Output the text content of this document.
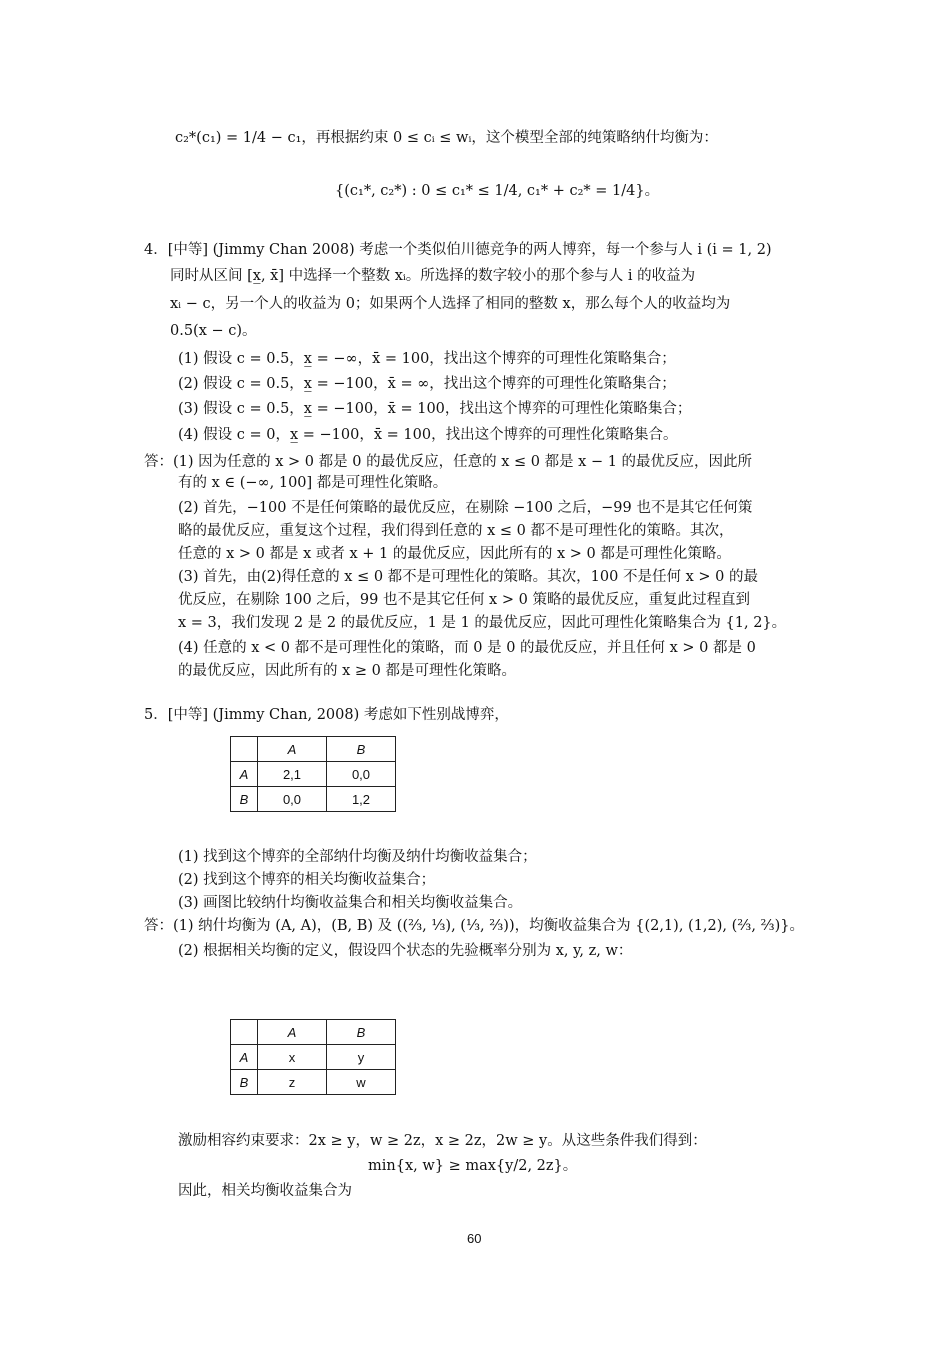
c₂*(c₁) = 1/4 − c₁，再根据约束 0 ≤ cᵢ ≤ wᵢ，这个模型全部的纯策略纳什均衡为：
{(c₁*, c₂*) : 0 ≤ c₁* ≤ 1/4, c₁* + c₂* = 1/4}。
4．[中等] (Jimmy Chan 2008) 考虑一个类似伯川德竞争的两人博弈，每一个参与人 i (i = 1, 2)
同时从区间 [x̲, x̄] 中选择一个整数 xᵢ。所选择的数字较小的那个参与人 i 的收益为
xᵢ − c，另一个人的收益为 0；如果两个人选择了相同的整数 x，那么每个人的收益均为
0.5(x − c)。
(1) 假设 c = 0.5，x̲ = −∞，x̄ = 100，找出这个博弈的可理性化策略集合；
(2) 假设 c = 0.5，x̲ = −100，x̄ = ∞，找出这个博弈的可理性化策略集合；
(3) 假设 c = 0.5，x̲ = −100，x̄ = 100，找出这个博弈的可理性化策略集合；
(4) 假设 c = 0，x̲ = −100，x̄ = 100，找出这个博弈的可理性化策略集合。
答：(1) 因为任意的 x > 0 都是 0 的最优反应，任意的 x ≤ 0 都是 x − 1 的最优反应，因此所
有的 x ∈ (−∞, 100] 都是可理性化策略。
(2) 首先，−100 不是任何策略的最优反应，在剔除 −100 之后，−99 也不是其它任何策
略的最优反应，重复这个过程，我们得到任意的 x ≤ 0 都不是可理性化的策略。其次，
任意的 x > 0 都是 x 或者 x + 1 的最优反应，因此所有的 x > 0 都是可理性化策略。
(3) 首先，由(2)得任意的 x ≤ 0 都不是可理性化的策略。其次，100 不是任何 x > 0 的最
优反应，在剔除 100 之后，99 也不是其它任何 x > 0 策略的最优反应，重复此过程直到
x = 3，我们发现 2 是 2 的最优反应，1 是 1 的最优反应，因此可理性化策略集合为 {1, 2}。
(4) 任意的 x < 0 都不是可理性化的策略，而 0 是 0 的最优反应，并且任何 x > 0 都是 0
的最优反应，因此所有的 x ≥ 0 都是可理性化策略。
5．[中等] (Jimmy Chan, 2008) 考虑如下性别战博弈，
	A	B
A	2,1	0,0
B	0,0	1,2
(1) 找到这个博弈的全部纳什均衡及纳什均衡收益集合；
(2) 找到这个博弈的相关均衡收益集合；
(3) 画图比较纳什均衡收益集合和相关均衡收益集合。
答：(1) 纳什均衡为 (A, A)，(B, B) 及 ((⅔, ⅓), (⅓, ⅔))，均衡收益集合为 {(2,1), (1,2), (⅔, ⅔)}。
(2) 根据相关均衡的定义，假设四个状态的先验概率分别为 x, y, z, w：
	A	B
A	x	y
B	z	w
激励相容约束要求：2x ≥ y，w ≥ 2z，x ≥ 2z，2w ≥ y。从这些条件我们得到：
min{x, w} ≥ max{y/2, 2z}。
因此，相关均衡收益集合为
60
